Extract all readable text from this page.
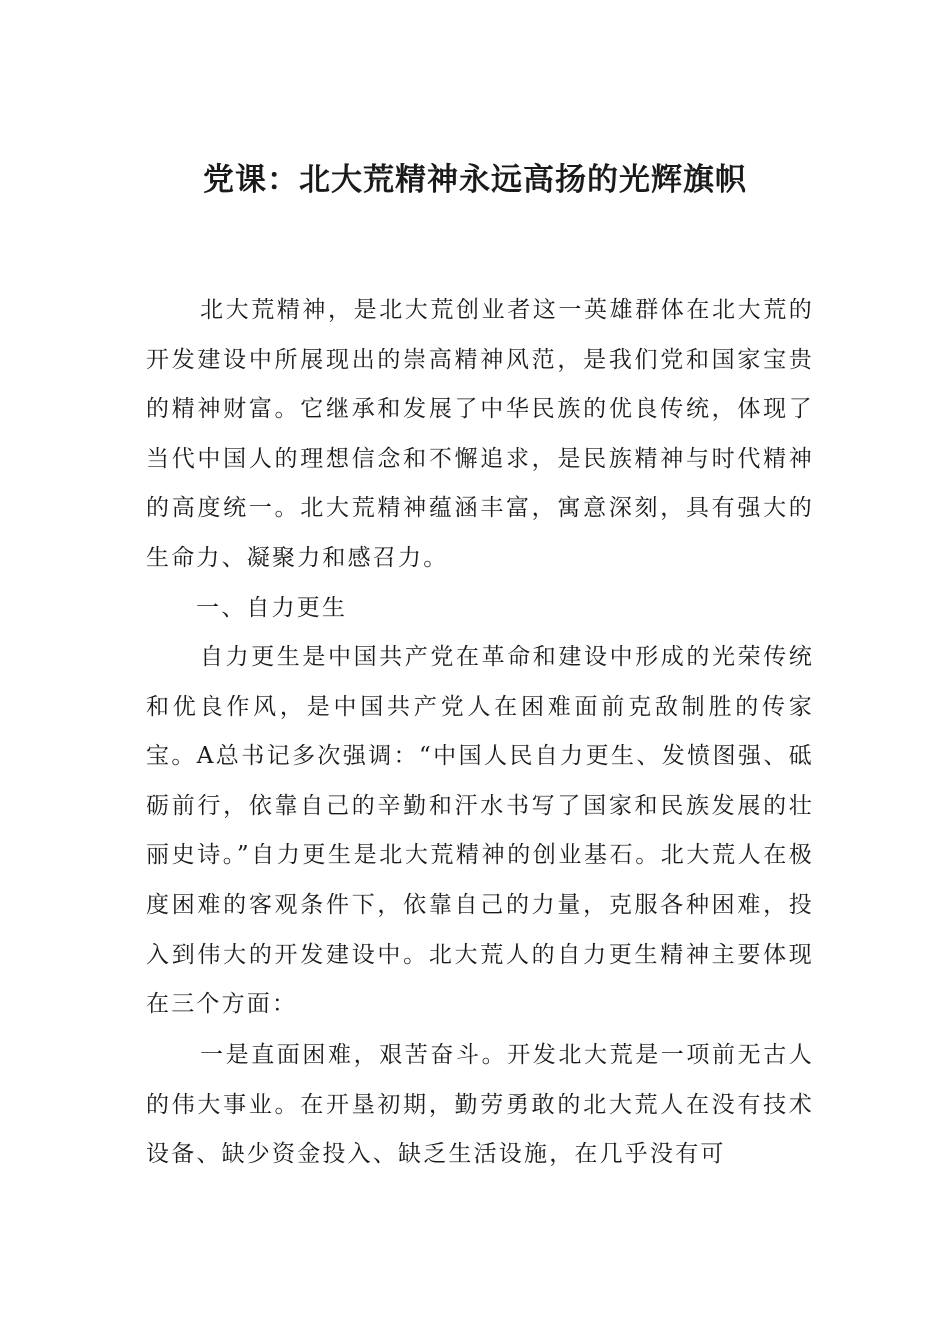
党课：北大荒精神永远高扬的光辉旗帜

北大荒精神，是北大荒创业者这一英雄群体在北大荒的开发建设中所展现出的崇高精神风范，是我们党和国家宝贵的精神财富。它继承和发展了中华民族的优良传统，体现了当代中国人的理想信念和不懈追求，是民族精神与时代精神的高度统一。北大荒精神蕴涵丰富，寓意深刻，具有强大的生命力、凝聚力和感召力。

一、自力更生

自力更生是中国共产党在革命和建设中形成的光荣传统和优良作风，是中国共产党人在困难面前克敌制胜的传家宝。A总书记多次强调：“中国人民自力更生、发愤图强、砥砺前行，依靠自己的辛勤和汗水书写了国家和民族发展的壮丽史诗。”自力更生是北大荒精神的创业基石。北大荒人在极度困难的客观条件下，依靠自己的力量，克服各种困难，投入到伟大的开发建设中。北大荒人的自力更生精神主要体现在三个方面：

一是直面困难，艰苦奋斗。开发北大荒是一项前无古人的伟大事业。在开垦初期，勤劳勇敢的北大荒人在没有技术设备、缺少资金投入、缺乏生活设施，在几乎没有可
